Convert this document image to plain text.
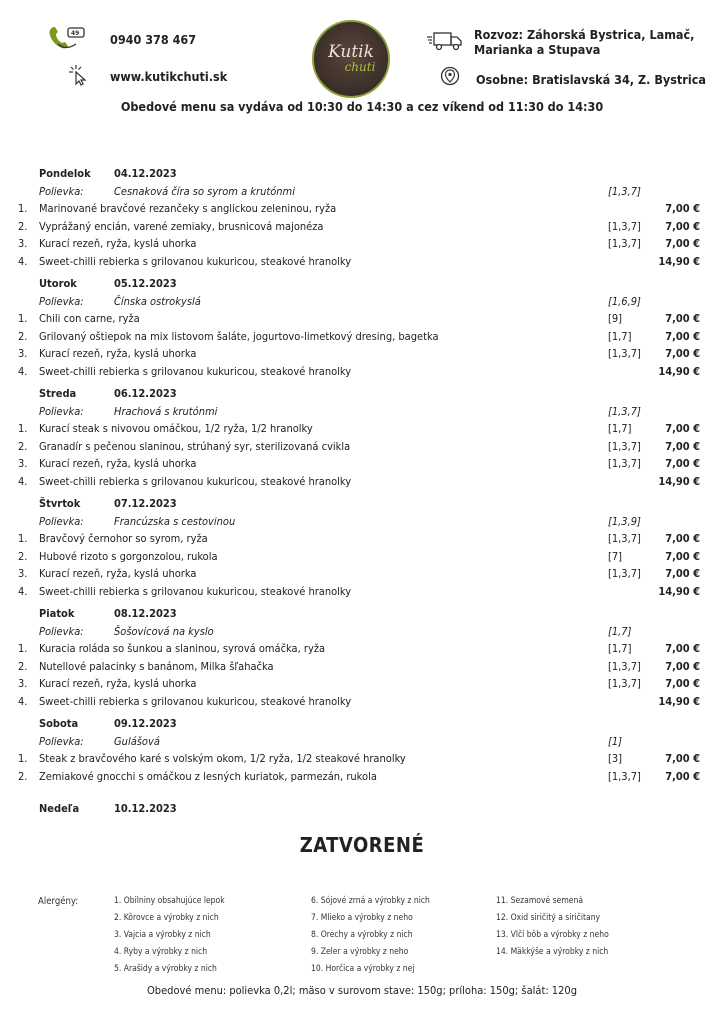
49 0940 378 467
www.kutikchuti.sk
Kutik
chuti
Rozvoz: Záhorská Bystrica, Lamač,
Marianka a Stupava
Osobne: Bratislavská 34, Z. Bystrica
Obedové menu sa vydáva od 10:30 do 14:30 a cez víkend od 11:30 do 14:30
Pondelok 04.12.2023
Polievka:	Cesnaková číra so syrom a krutónmi	[1,3,7]
1.	Marinované bravčové rezančeky s anglickou zeleninou, ryža	7,00 €
2.	Vyprážaný encián, varené zemiaky, brusnicová majonéza	[1,3,7] 7,00 €
3.	Kurací rezeň, ryža, kyslá uhorka	[1,3,7] 7,00 €
4.	Sweet-chilli rebierka s grilovanou kukuricou, steakové hranolky	14,90 €
Utorok	05.12.2023
Polievka:	Čínska ostrokyslá	[1,6,9]
1.	Chili con carne, ryža	[9]	7,00 €
2.	Grilovaný oštiepok na mix listovom šaláte, jogurtovo-limetkový dresing, bagetka	[1,7]	7,00 €
3.	Kurací rezeň, ryža, kyslá uhorka	[1,3,7] 7,00 €
4.	Sweet-chilli rebierka s grilovanou kukuricou, steakové hranolky	14,90 €
Streda	06.12.2023
Polievka:	Hrachová s krutónmi	[1,3,7]
1.	Kurací steak s nivovou omáčkou, 1/2 ryža, 1/2 hranolky	[1,7]	7,00 €
2.	Granadír s pečenou slaninou, strúhaný syr, sterilizovaná cvikla	[1,3,7] 7,00 €
3.	Kurací rezeň, ryža, kyslá uhorka	[1,3,7] 7,00 €
4.	Sweet-chilli rebierka s grilovanou kukuricou, steakové hranolky	14,90 €
Štvrtok	07.12.2023
Polievka:	Francúzska s cestovinou	[1,3,9]
1.	Bravčový černohor so syrom, ryža	[1,3,7] 7,00 €
2.	Hubové rizoto s gorgonzolou, rukola	[7]	7,00 €
3.	Kurací rezeň, ryža, kyslá uhorka	[1,3,7] 7,00 €
4.	Sweet-chilli rebierka s grilovanou kukuricou, steakové hranolky	14,90 €
Piatok	08.12.2023
Polievka:	Šošovicová na kyslo	[1,7]
1.	Kuracia roláda so šunkou a slaninou, syrová omáčka, ryža	[1,7]	7,00 €
2.	Nutellové palacinky s banánom, Milka šľahačka	[1,3,7] 7,00 €
3.	Kurací rezeň, ryža, kyslá uhorka	[1,3,7] 7,00 €
4.	Sweet-chilli rebierka s grilovanou kukuricou, steakové hranolky	14,90 €
Sobota	09.12.2023
Polievka:	Gulášová	[1]
1.	Steak z bravčového karé s volským okom, 1/2 ryža, 1/2 steakové hranolky	[3]	7,00 €
2.	Zemiakové gnocchi s omáčkou z lesných kuriatok, parmezán, rukola	[1,3,7] 7,00 €
Nedeľa	10.12.2023
ZATVORENÉ
Alergény:	1. Obilniny obsahujúce lepok
2. Kôrovce a výrobky z nich
3. Vajcia a výrobky z nich
4. Ryby a výrobky z nich
5. Arašidy a výrobky z nich
6. Sójové zrná a výrobky z nich
7. Mlieko a výrobky z neho
8. Orechy a výrobky z nich
9. Zeler a výrobky z neho
10. Horčica a výrobky z nej
11. Sezamové semená
12. Oxid siričitý a siričitany
13. Vlčí bôb a výrobky z neho
14. Mäkkýše a výrobky z nich
Obedové menu: polievka 0,2l; mäso v surovom stave: 150g; príloha: 150g; šalát: 120g
